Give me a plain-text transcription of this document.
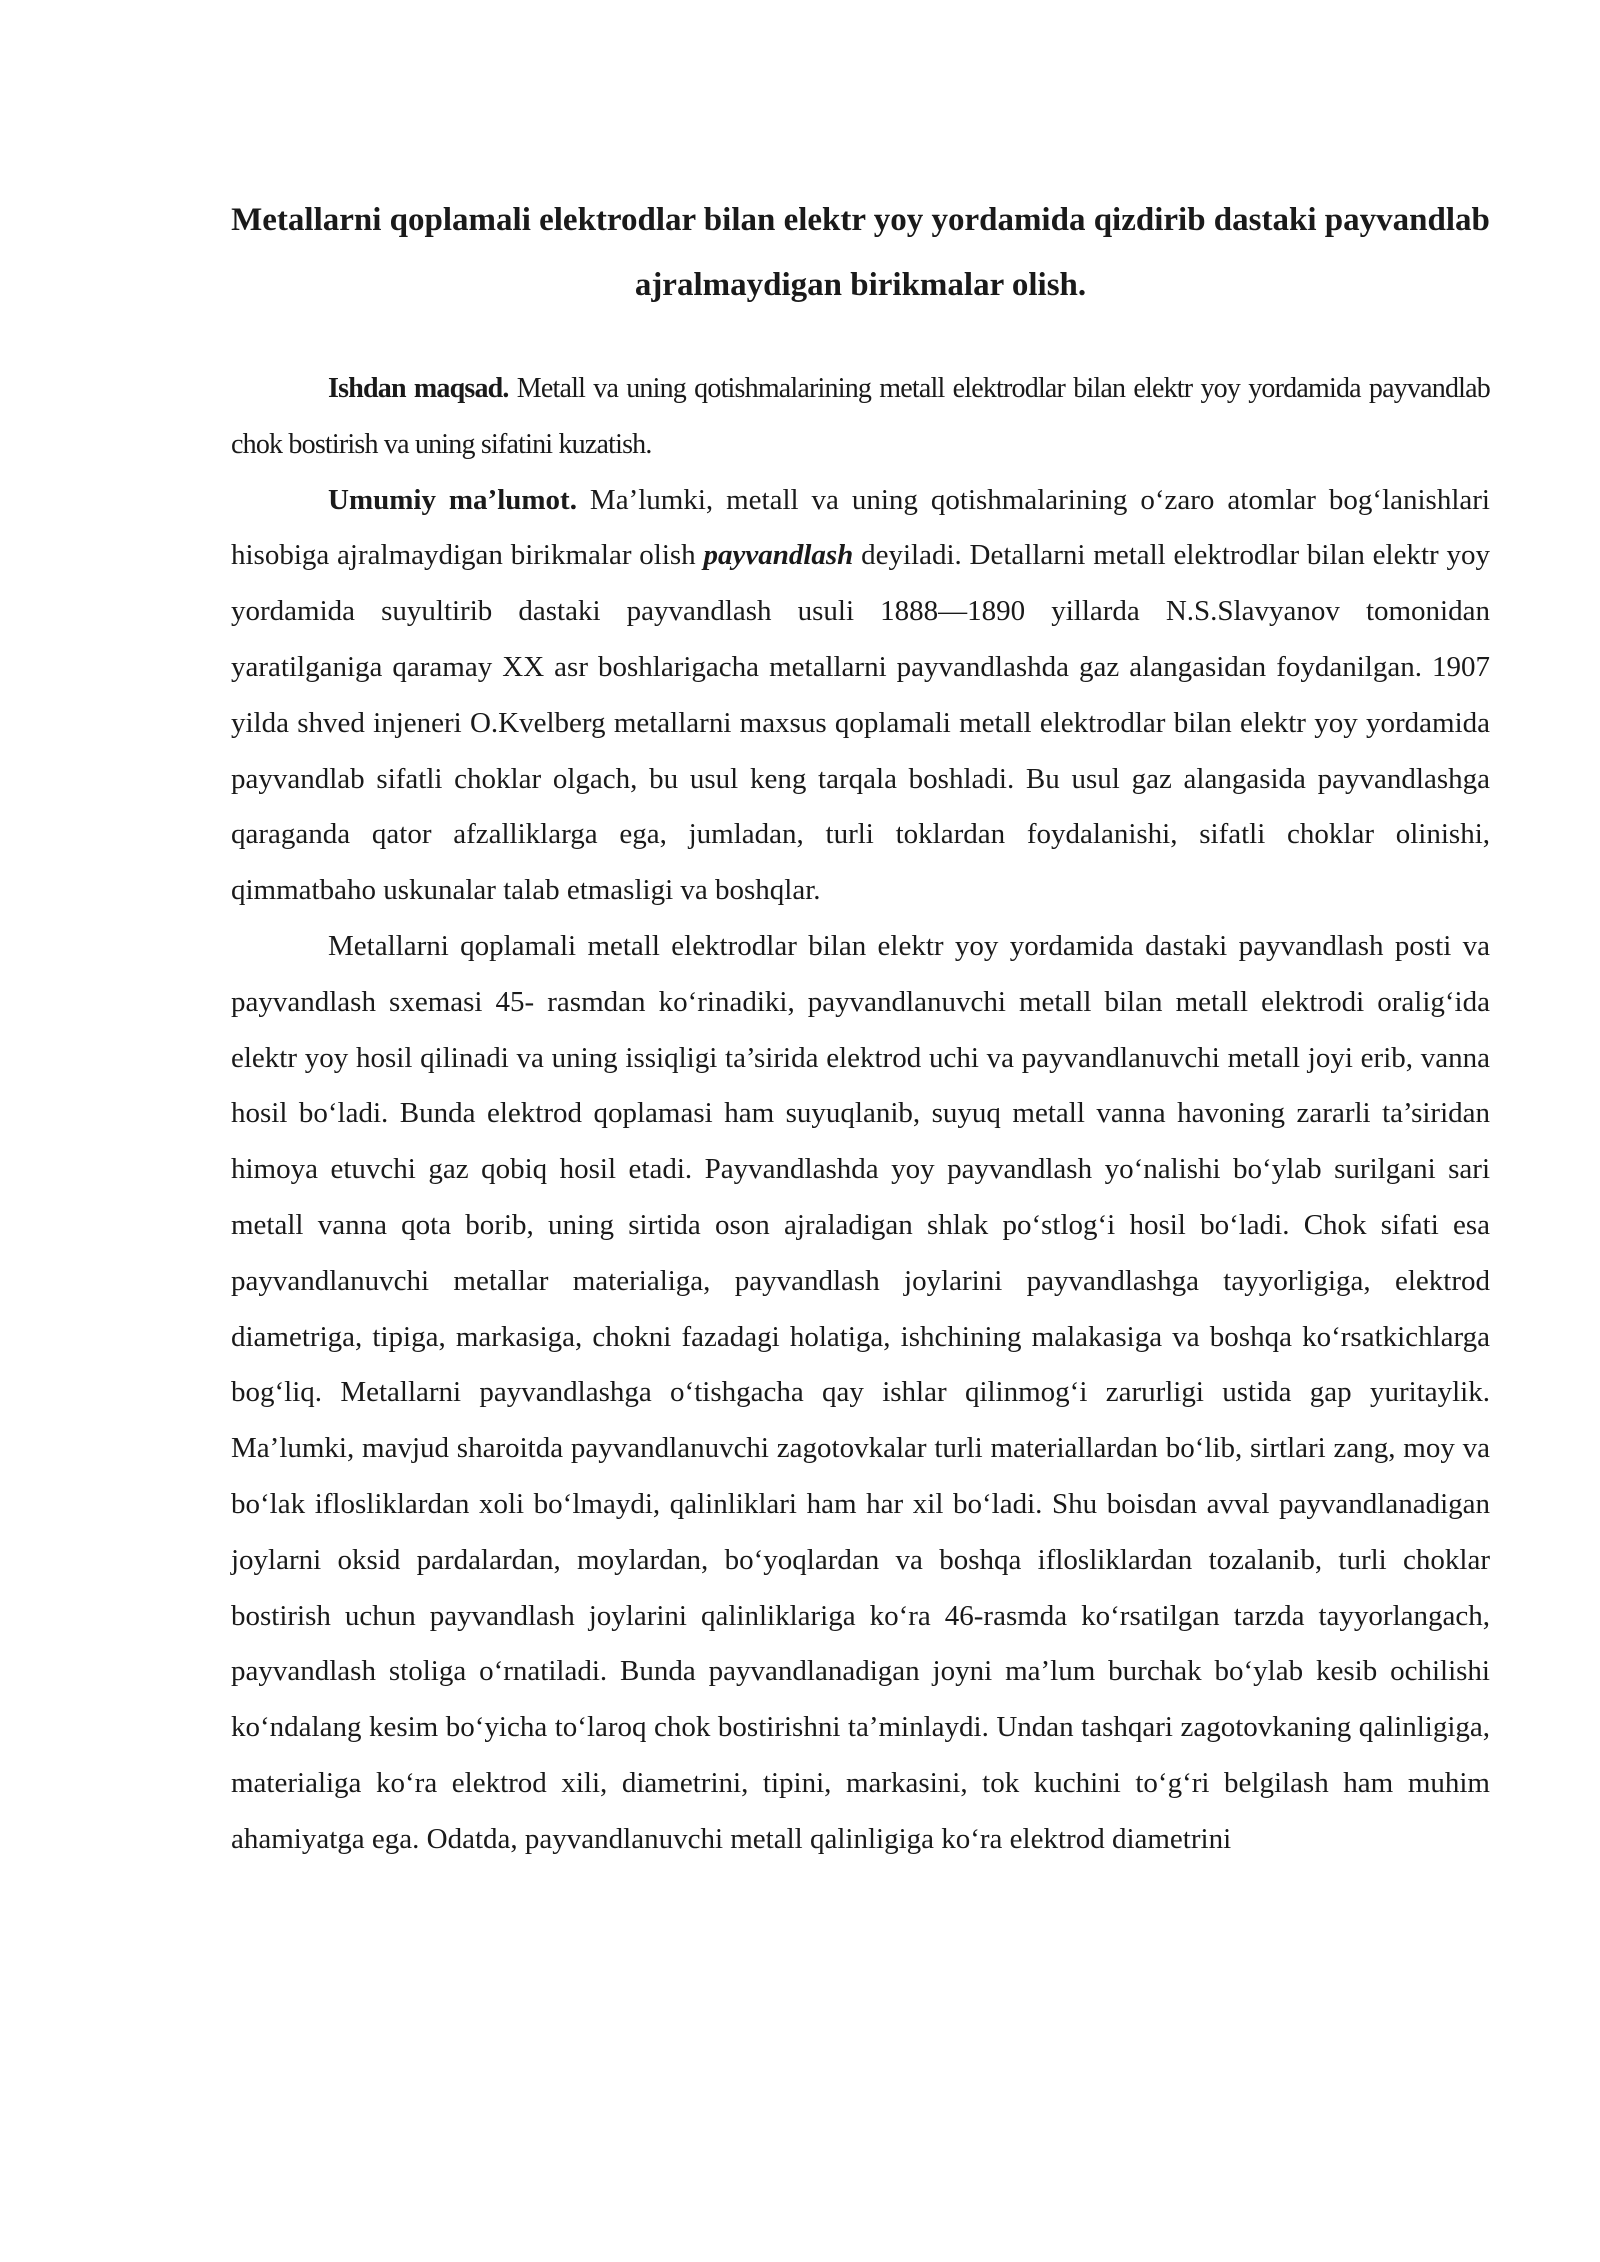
Metallarni qoplamali elektrodlar bilan elektr yoy yordamida qizdirib dastaki payvandlab ajralmaydigan birikmalar olish.

Ishdan maqsad. Metall va uning qotishmalarining metall elektrodlar bilan elektr yoy yordamida payvandlab chok bostirish va uning sifatini kuzatish.

Umumiy ma’lumot. Ma’lumki, metall va uning qotishmalarining o‘zaro atomlar bog‘lanishlari hisobiga ajralmaydigan birikmalar olish payvandlash deyiladi. Detallarni metall elektrodlar bilan elektr yoy yordamida suyultirib dastaki payvandlash usuli 1888—1890 yillarda N.S.Slavyanov tomonidan yaratilganiga qaramay XX asr boshlarigacha metallarni payvandlashda gaz alangasidan foydanilgan. 1907 yilda shved injeneri O.Kvelberg metallarni maxsus qoplamali metall elektrodlar bilan elektr yoy yordamida payvandlab sifatli choklar olgach, bu usul keng tarqala boshladi. Bu usul gaz alangasida payvandlashga qaraganda qator afzalliklarga ega, jumladan, turli toklardan foydalanishi, sifatli choklar olinishi, qimmatbaho uskunalar talab etmasligi va boshqlar.

Metallarni qoplamali metall elektrodlar bilan elektr yoy yordamida dastaki payvandlash posti va payvandlash sxemasi 45- rasmdan ko‘rinadiki, payvandlanuvchi metall bilan metall elektrodi oralig‘ida elektr yoy hosil qilinadi va uning issiqligi ta’sirida elektrod uchi va payvandlanuvchi metall joyi erib, vanna hosil bo‘ladi. Bunda elektrod qoplamasi ham suyuqlanib, suyuq metall vanna havoning zararli ta’siridan himoya etuvchi gaz qobiq hosil etadi. Payvandlashda yoy payvandlash yo‘nalishi bo‘ylab surilgani sari metall vanna qota borib, uning sirtida oson ajraladigan shlak po‘stlog‘i hosil bo‘ladi. Chok sifati esa payvandlanuvchi metallar materialiga, payvandlash joylarini payvandlashga tayyorligiga, elektrod diametriga, tipiga, markasiga, chokni fazadagi holatiga, ishchining malakasiga va boshqa ko‘rsatkichlarga bog‘liq. Metallarni payvandlashga o‘tishgacha qay ishlar qilinmog‘i zarurligi ustida gap yuritaylik. Ma’lumki, mavjud sharoitda payvandlanuvchi zagotovkalar turli materiallardan bo‘lib, sirtlari zang, moy va bo‘lak iflosliklardan xoli bo‘lmaydi, qalinliklari ham har xil bo‘ladi. Shu boisdan avval payvandlanadigan joylarni oksid pardalardan, moylardan, bo‘yoqlardan va boshqa iflosliklardan tozalanib, turli choklar bostirish uchun payvandlash joylarini qalinliklariga ko‘ra 46-rasmda ko‘rsatilgan tarzda tayyorlangach, payvandlash stoliga o‘rnatiladi. Bunda payvandlanadigan joyni ma’lum burchak bo‘ylab kesib ochilishi ko‘ndalang kesim bo‘yicha to‘laroq chok bostirishni ta’minlaydi. Undan tashqari zagotovkaning qalinligiga, materialiga ko‘ra elektrod xili, diametrini, tipini, markasini, tok kuchini to‘g‘ri belgilash ham muhim ahamiyatga ega. Odatda, payvandlanuvchi metall qalinligiga ko‘ra elektrod diametrini
